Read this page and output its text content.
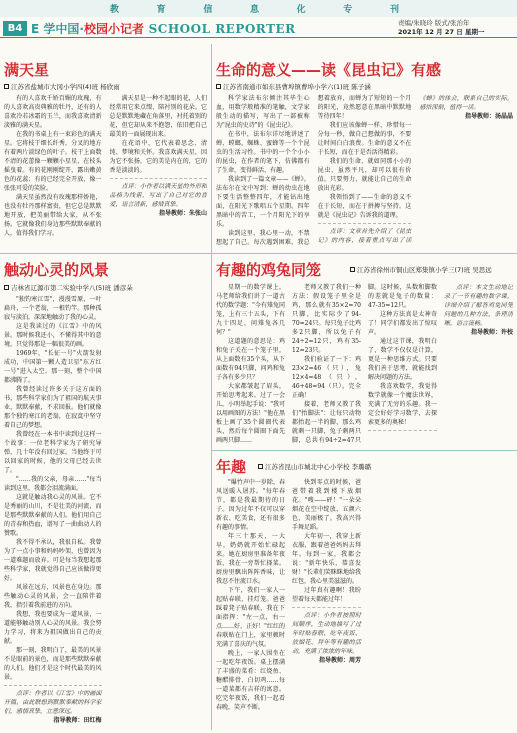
教	育	信	息	化	专	刊
B4 E 学中国·校园小记者 SCHOOL REPORTER	责编/朱晓玲 版式/张治年
2021年 12 月 27 日 星期一
满天星
江苏省盐城市大冈小学四(4)班 杨欣雨

有的人喜欢千娇百媚的玫瑰，有的人喜欢高贵典雅的牡丹，还有的人喜欢冷若冰霜的玉兰，而我喜欢清新淡雅的满天星。

在我的书桌上有一束彩色的满天星。它将枝干细长纤秀，分叉的地方有着两片淡绿色的叶子。枝干上面数不清的花蕾像一颗颗小星星，在枝头摇曳着。有的花刚刚绽开，露出嫩黄色的花蕊；有的已经完全开放，像一张张可爱的笑脸。

满天星虽然没有玫瑰那样娇艳，也没有牡丹那样富贵，但它总是默默地开放，把美丽带给大家，从不张扬。它就像我们身边那些默默奉献的人，值得我们学习。

满天星是一种不起眼的花，人们经常用它来点缀、陪衬别的花朵。它总是默默地藏在角落里，衬托着别的花，但它却从来不抱怨，依旧把自己最美的一面展现出来。

在花语中，它代表着思念、清纯、梦境和关怀。我喜欢满天星，因为它不张扬，它的美是内在的，它的香是淡淡的。

点评：小作者以满天星的外形和品格为线索，写出了自己对它的喜爱，语言清新，感情真挚。

指导教师：朱张山
生命的意义——读《昆虫记》有感
江苏省南通市如东县曹埠镇曹埠小学六(1)班 陈子涵

科学家法布尔倾注其毕生心血，用数学般精准的笔触，文学家般生动的描写，写出了一部被称为"昆虫的史诗"的《昆虫记》。

在书中，法布尔详尽地讲述了蝉、螳螂、蜘蛛、蜜蜂等一个个昆虫的生活习性。书中的一个个小小的昆虫，在作者的笔下，仿佛都有了生命，变得鲜活、有趣。

我读到了一篇文章——《蝉》。法布尔在文中写到：蝉的幼虫在地下要生活整整四年，才能钻出地面，在阳光下歌唱五个星期。四年黑暗中的苦工，一个月阳光下的享乐。

读到这里，我心里一动，不禁想起了自己。每次遇到困难，我总想着放弃，而蝉为了短短的一个月的阳光，竟然愿意在黑暗中默默地等待四年！

我们应该像蝉一样，珍惜每一分每一秒，做自己想做的事，不要让时间白白浪费。生命的意义不在于长短，而在于是否活得精彩。

我们的生命，就如同那小小的昆虫，虽然平凡，却可以很有价值。只要努力，就能让自己的生命放出光彩。

我领悟到了——生命的意义不在于长短，而在于拼搏与坚持。这就是《昆虫记》告诉我的道理。

点评：文章首先介绍了《昆虫记》的内容，接着重点写出了读《蝉》的体会，联系自己的实际，感悟深刻，值得一读。

指导教师：汤晶晶
触动心灵的风景
吉林省辽源市第二实验中学八(5)班 潘彦朵

"独钓寒江雪"，漫漫雪原，一叶扁舟，一个老翁，一根钓竿。那种孤寂与淡泊，深深地触动了我的心灵。

这是我读过的《江雪》中的风景。那时候我还小，不懂得其中的意境，只觉得那是一幅很美的画。

1969年，"长征一号"火箭发射成功，中国第一颗人造卫星"东方红一号"进入太空。那一刻，整个中国都沸腾了。

我曾经读过许多关于这方面的书，那些科学家们为了祖国的航天事业，默默奉献，不求回报。他们就像那个独钓寒江的老翁，在寂寞中坚守着自己的梦想。

我曾经在一本书中读到过这样一个故事：一位老科学家为了研究导弹，几十年没有回过家。当他终于可以回家的时候，他的父母已经去世了。

"……我的父亲，母亲……"每当读到这里，我都会泪流满面。

这就是触动我心灵的风景。它不是秀丽的山川，不是壮美的河流，而是那些默默奉献的人们。他们用自己的青春和热血，谱写了一曲曲动人的赞歌。

我不得不承认，我很自私。我曾为了一点小事和妈妈吵架，也曾因为一道难题而放弃。可是每当我想起那些科学家，我就觉得自己应该做得更好。

风景在远方，风景也在身边。那些触动心灵的风景，会一直陪伴着我，指引着我前进的方向。

我想，我也要成为一道风景，一道能够触动别人心灵的风景。我会努力学习，将来为祖国做出自己的贡献。

那一刻，我明白了，最美的风景不是眼前的景色，而是那些默默奉献的人们。他们才是这个时代最美的风景。

点评：作者以《江雪》中的画面开篇，由此联想到默默奉献的科学家们，感情真挚，立意深远。

指导教师：田红梅
有趣的鸡兔同笼	江苏省徐州市铜山区郑集镇小学三(7)班 吴思远

星期一的数学课上，马老师给我们讲了一道古代的数学题："今有雉兔同笼，上有三十五头，下有九十四足，问雉兔各几何？"

这道题的意思是：鸡和兔子关在一个笼子里，从上面数有35个头，从下面数有94只脚，问鸡和兔子各有多少只？

大家都皱起了眉头，开始思考起来。过了一会儿，小明举起手说："我可以用画图的方法！"他在黑板上画了35个圆圈代表头，然后每个圆圈下面先画两只脚……

老师又教了我们一种方法：假设笼子里全是鸡，那么就有35×2=70只脚，比实际少了94-70=24只。每只兔子比鸡多2只脚，所以兔子有24÷2=12只，鸡有35-12=23只。

我们验证了一下：鸡23×2=46（只），兔12×4=48（只），46+48=94（只）。完全正确！

接着，老师又教了我们"抬脚法"：让每只动物都抬起一半的脚，那么鸡就剩一只脚，兔子剩两只脚，总共有94÷2=47只脚。这时候，头数和脚数的差就是兔子的数量：47-35=12只。

这种方法真是太神奇了！同学们都发出了惊叹声。

通过这节课，我明白了，数学不仅仅是计算，更是一种思维方式。只要我们善于思考，就能找到解决问题的方法。

我喜欢数学，我觉得数学就像一个魔法世界，充满了无穷的乐趣。我一定会好好学习数学，去探索更多的奥秘！

点评：本文生动地记录了一节有趣的数学课，详细介绍了解答鸡兔同笼问题的几种方法，条理清晰，语言流畅。

指导教师：许校
年趣	江苏省昆山市城北中心小学校 李璐璐

"爆竹声中一岁除，春风送暖入屠苏。"每年春节，都是我最期待的日子。因为过年不仅可以穿新衣、吃美食，还有很多有趣的事情。

年三十那天，一大早，奶奶就开始忙碌起来。她在厨房里准备年夜饭，我在一旁帮忙择菜。厨房里飘出阵阵香味，让我忍不住流口水。

下午，我们一家人一起贴春联、挂灯笼。爸爸踩着凳子贴春联，我在下面指挥："左一点，右一点……好，正好！"红红的春联贴在门上，家里顿时充满了喜庆的气氛。

晚上，一家人围坐在一起吃年夜饭。桌上摆满了丰盛的菜肴：红烧鱼、糖醋排骨、白切鸡……每一道菜都有吉祥的寓意。吃完年夜饭，我们一起看春晚，笑声不断。

快到零点的时候，爸爸带着我到楼下放烟花。"嗖——砰！"一朵朵烟花在空中绽放，五颜六色，美丽极了。我高兴得手舞足蹈。

大年初一，我穿上新衣服，跟着爸爸妈妈去拜年。每到一家，我都会说："新年快乐，恭喜发财！"长辈们笑眯眯地给我红包，我心里美滋滋的。

过年真有趣啊！我盼望着每天都能过年！

点评：小作者按照时间顺序，生动地描写了过年时贴春联、吃年夜饭、放烟花、拜年等有趣的活动，充满了浓浓的年味。

指导教师：周芳
